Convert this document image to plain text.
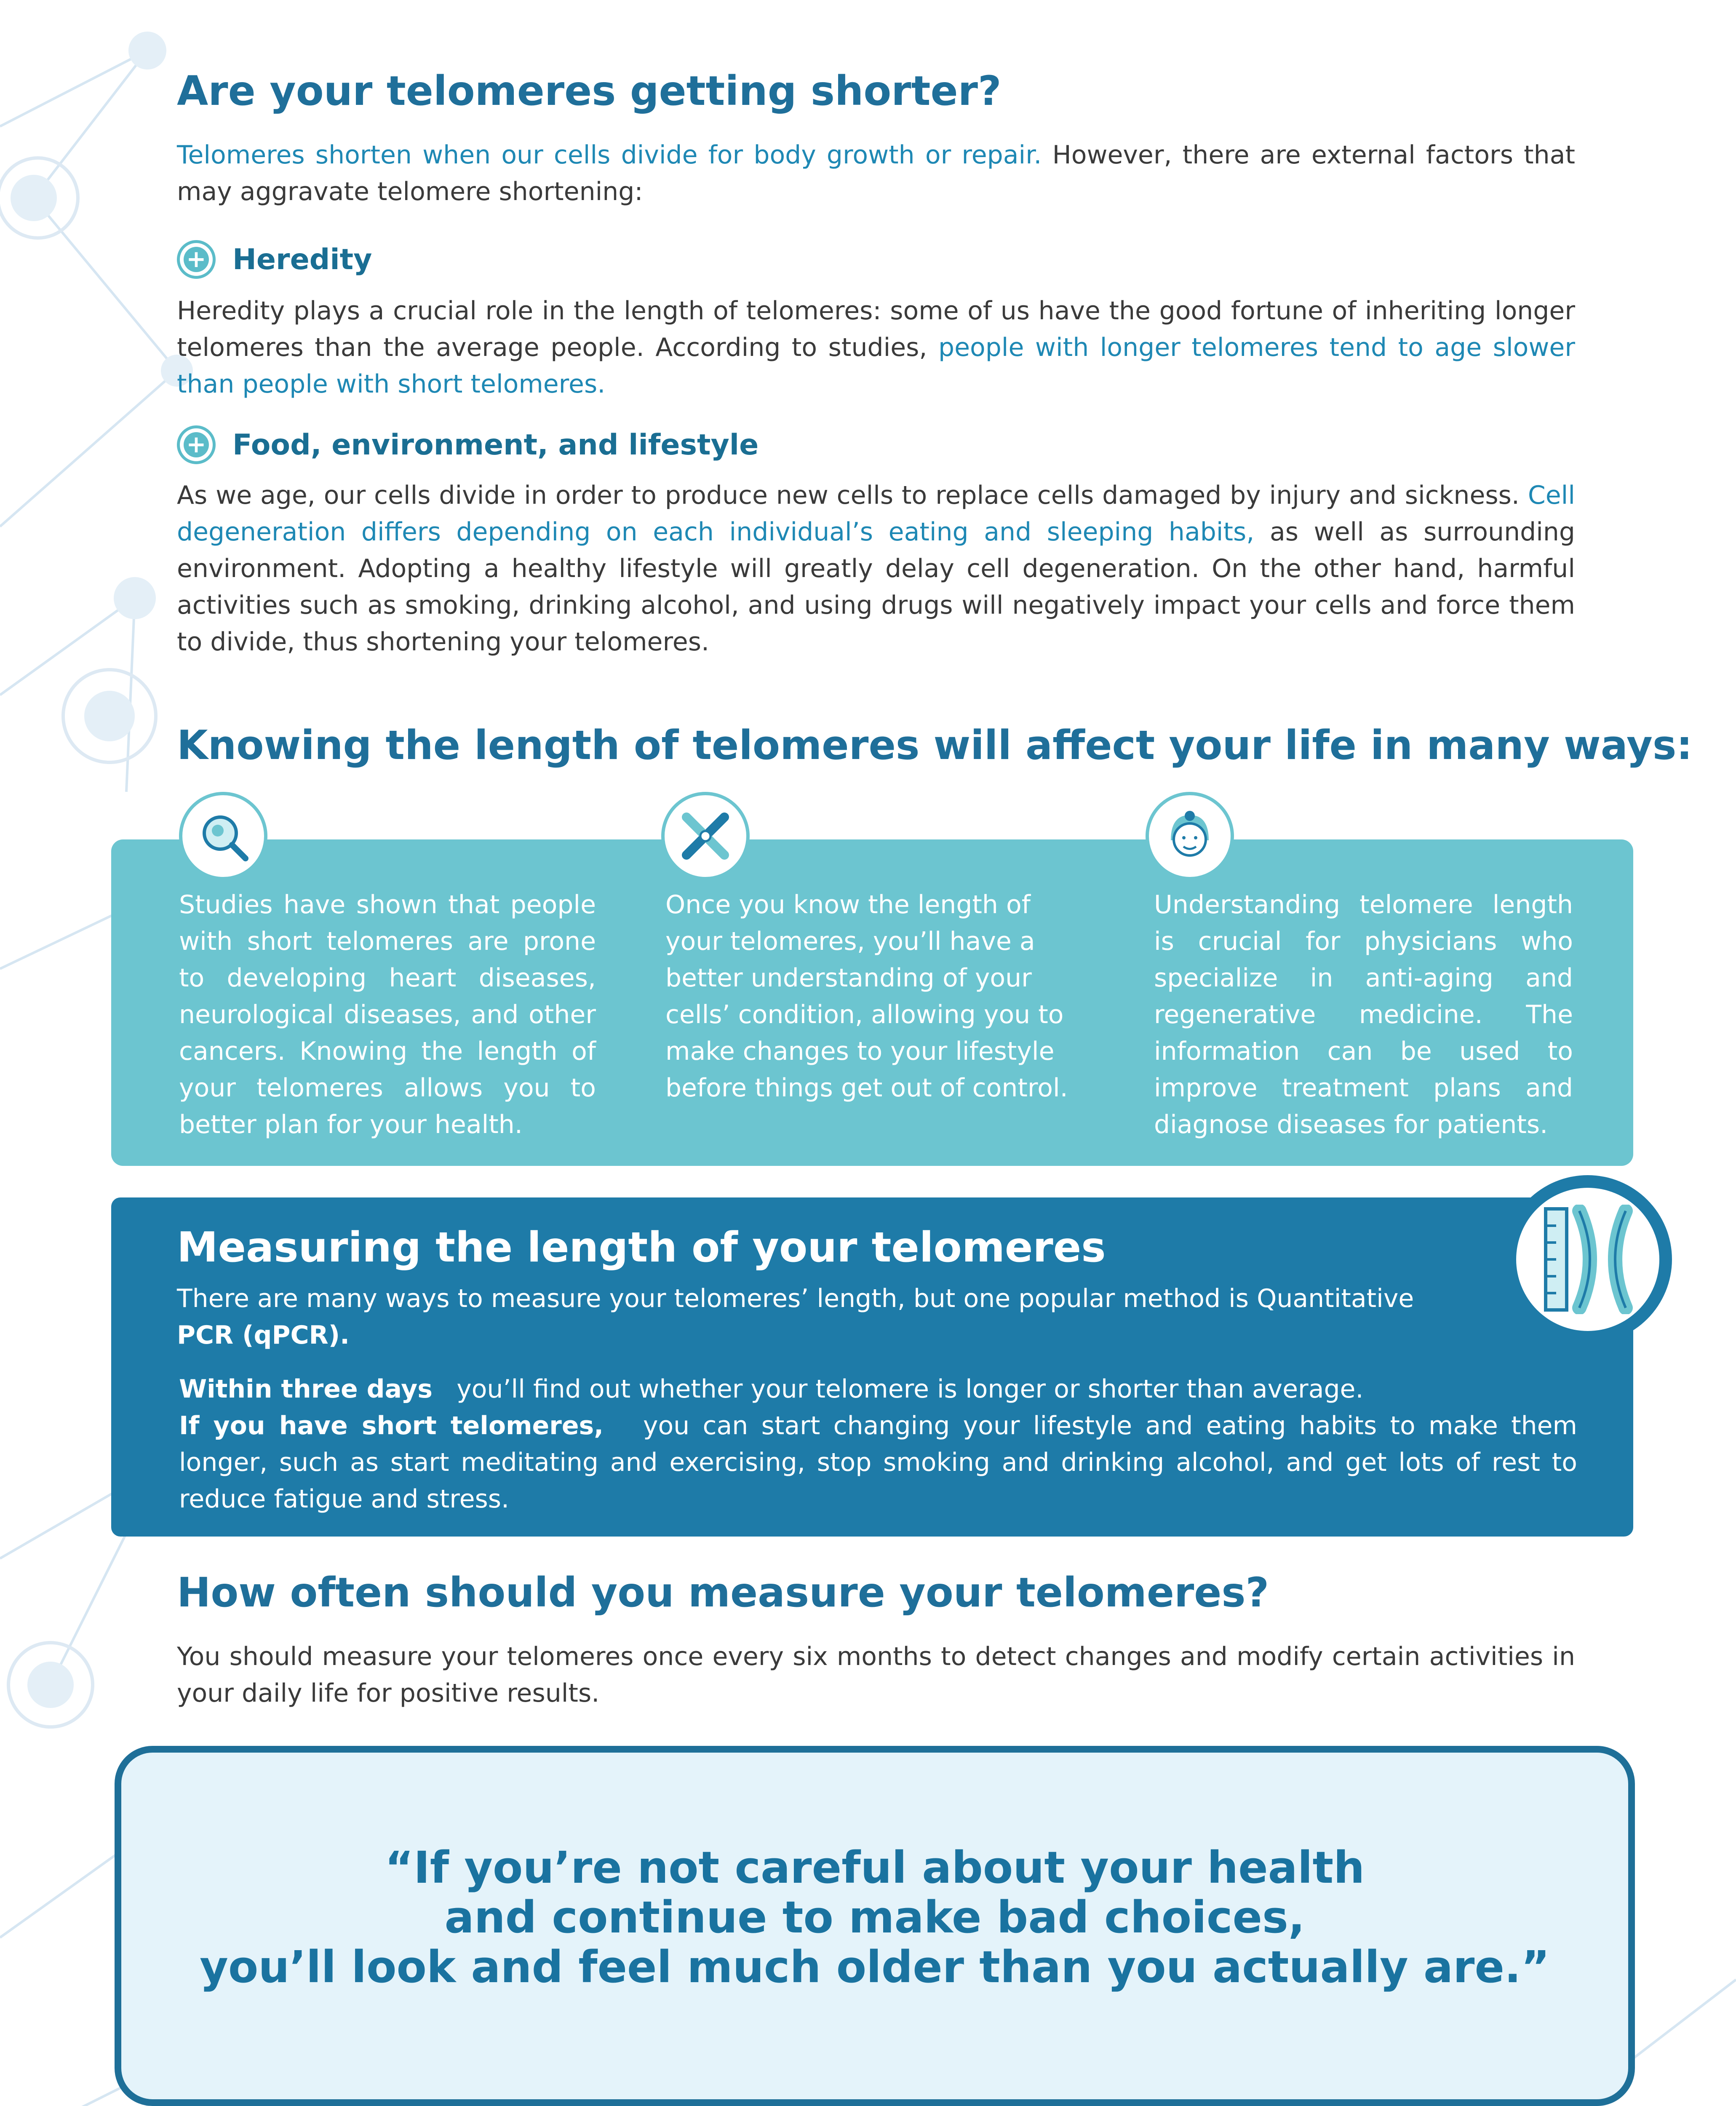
Are your telomeres getting shorter?
Telomeres shorten when our cells divide for body growth or repair. However, there are external factors that may aggravate telomere shortening:
+ Heredity
Heredity plays a crucial role in the length of telomeres: some of us have the good fortune of inheriting longer telomeres than the average people. According to studies, people with longer telomeres tend to age slower than people with short telomeres.
+ Food, environment, and lifestyle
As we age, our cells divide in order to produce new cells to replace cells damaged by injury and sickness. Cell degeneration differs depending on each individual’s eating and sleeping habits, as well as surrounding environment. Adopting a healthy lifestyle will greatly delay cell degeneration. On the other hand, harmful activities such as smoking, drinking alcohol, and using drugs will negatively impact your cells and force them to divide, thus shortening your telomeres.
Knowing the length of telomeres will affect your life in many ways:
Studies have shown that people with short telomeres are prone to developing heart diseases, neurological diseases, and other cancers. Knowing the length of your telomeres allows you to better plan for your health.
Once you know the length of your telomeres, you’ll have a better understanding of your cells’ condition, allowing you to make changes to your lifestyle before things get out of control.
Understanding telomere length is crucial for physicians who specialize in anti-aging and regenerative medicine. The information can be used to improve treatment plans and diagnose diseases for patients.
Measuring the length of your telomeres
There are many ways to measure your telomeres’ length, but one popular method is Quantitative
PCR (qPCR).
Within three days you’ll find out whether your telomere is longer or shorter than average.
If you have short telomeres, you can start changing your lifestyle and eating habits to make them longer, such as start meditating and exercising, stop smoking and drinking alcohol, and get lots of rest to reduce fatigue and stress.
How often should you measure your telomeres?
You should measure your telomeres once every six months to detect changes and modify certain activities in your daily life for positive results.
“If you’re not careful about your health
and continue to make bad choices,
you’ll look and feel much older than you actually are.”
